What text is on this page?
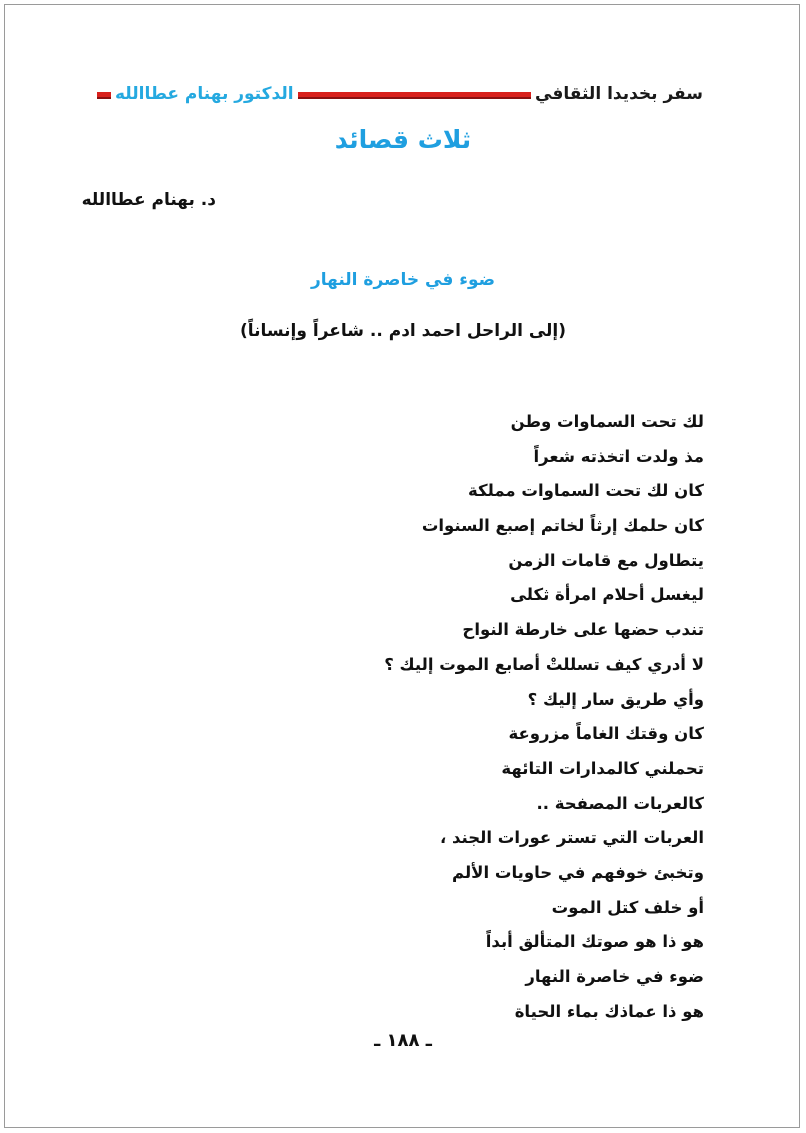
سفر بخديدا الثقافي
الدكتور بهنام عطاالله
ثلاث قصائد
د. بهنام عطاالله
ضوء في خاصرة النهار
(إلى الراحل احمد ادم .. شاعراً وإنساناً)
لك تحت السماوات وطن
مذ ولدت اتخذته شعراً
كان لك تحت السماوات مملكة
كان حلمك إرثاً لخاتم إصبع السنوات
يتطاول مع قامات الزمن
ليغسل أحلام امرأة ثكلى
تندب حضها على خارطة النواح
لا أدري كيف تسللتْ أصابع الموت إليك ؟
وأي طريق سار إليك ؟
كان وقتك الغاماً مزروعة
تحملني كالمدارات التائهة
كالعربات المصفحة ..
العربات التي تستر عورات الجند ،
وتخبئ خوفهم في حاويات الألم
أو خلف كتل الموت
هو ذا هو صوتك المتألق أبداً
ضوء في خاصرة النهار
هو ذا عماذك بماء الحياة
ـ ١٨٨ ـ
